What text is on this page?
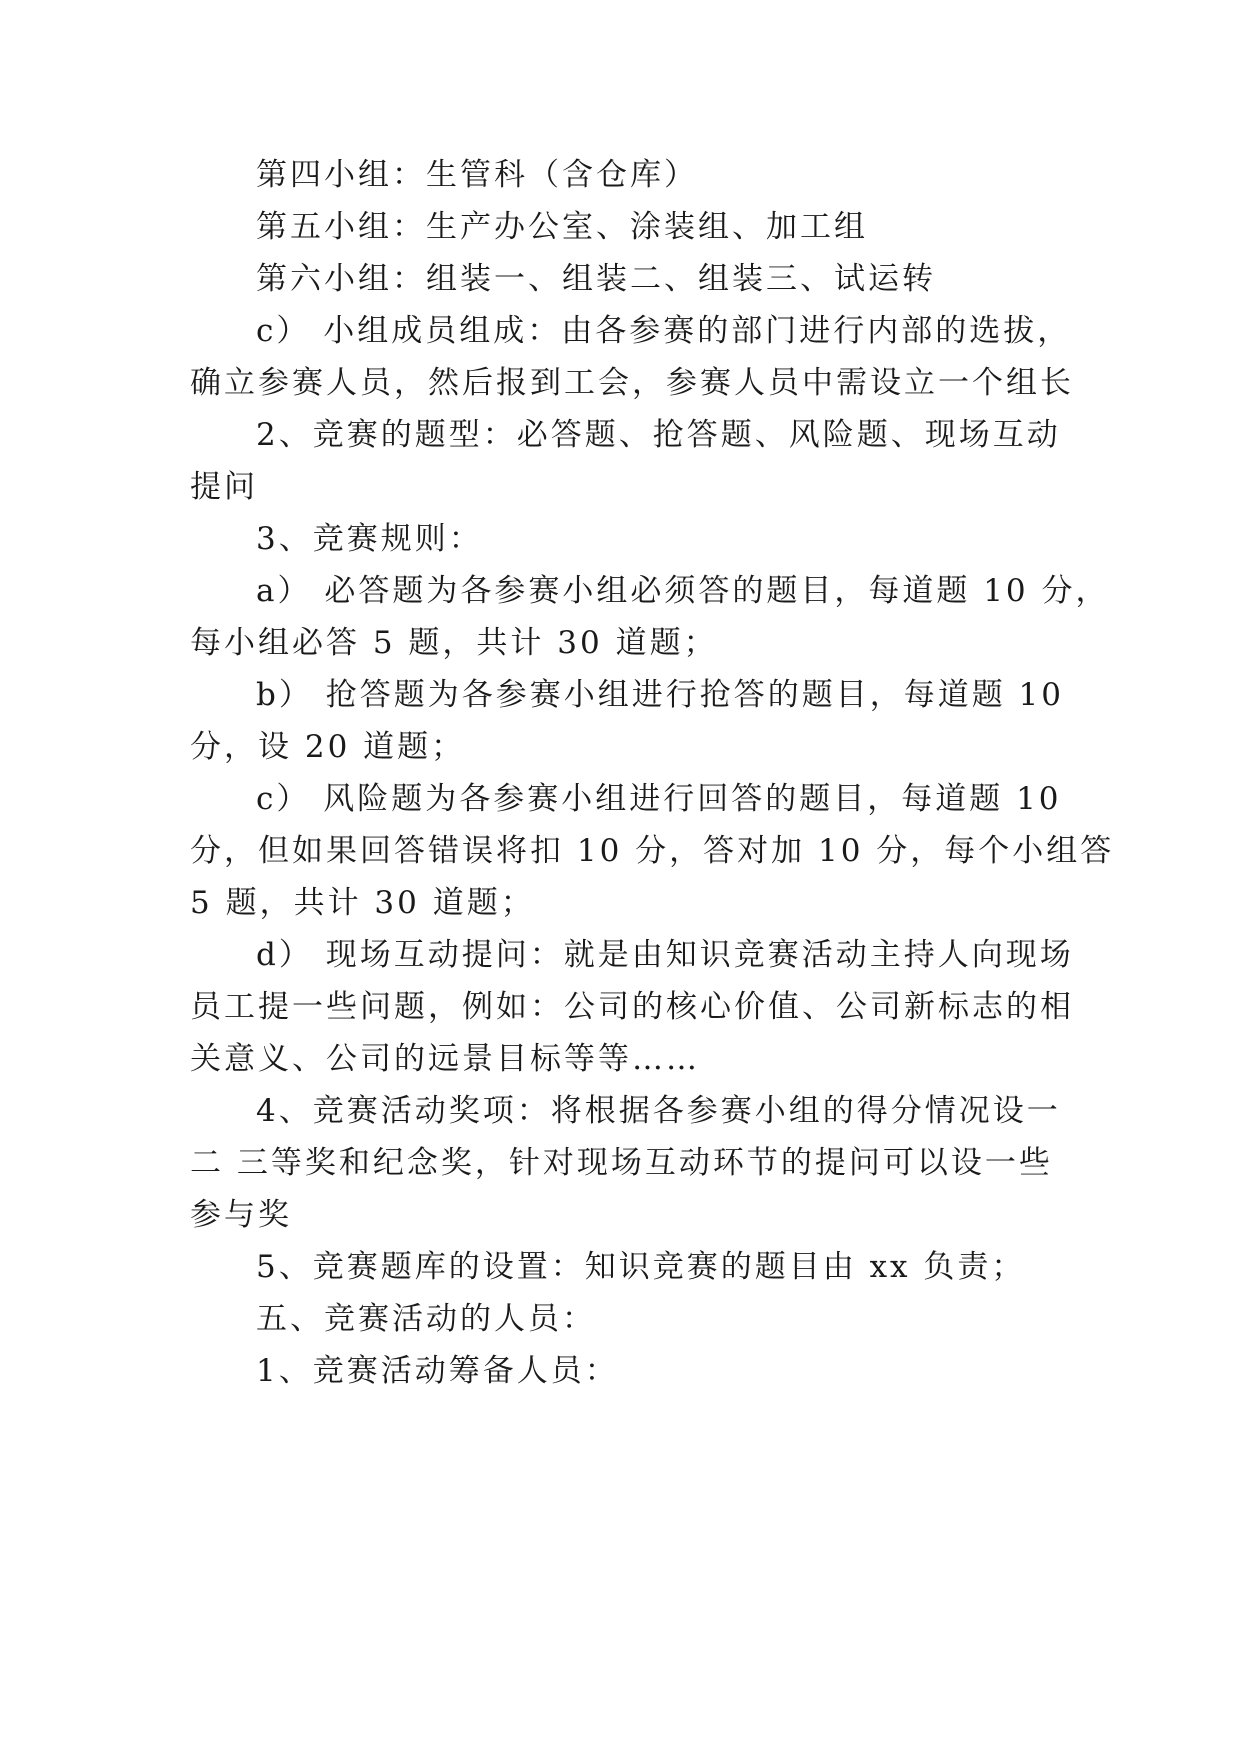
第四小组：生管科（含仓库）
第五小组：生产办公室、涂装组、加工组
第六小组：组装一、组装二、组装三、试运转
c） 小组成员组成：由各参赛的部门进行内部的选拔，
确立参赛人员，然后报到工会，参赛人员中需设立一个组长
2、竞赛的题型：必答题、抢答题、风险题、现场互动
提问
3、竞赛规则：
a） 必答题为各参赛小组必须答的题目，每道题 10 分，
每小组必答 5 题，共计 30 道题；
b） 抢答题为各参赛小组进行抢答的题目，每道题 10
分，设 20 道题；
c） 风险题为各参赛小组进行回答的题目，每道题 10
分，但如果回答错误将扣 10 分，答对加 10 分，每个小组答
5 题，共计 30 道题；
d） 现场互动提问：就是由知识竞赛活动主持人向现场
员工提一些问题，例如：公司的核心价值、公司新标志的相
关意义、公司的远景目标等等……
4、竞赛活动奖项：将根据各参赛小组的得分情况设一
二 三等奖和纪念奖，针对现场互动环节的提问可以设一些
参与奖
5、竞赛题库的设置：知识竞赛的题目由 xx 负责；
五、竞赛活动的人员：
1、竞赛活动筹备人员：
